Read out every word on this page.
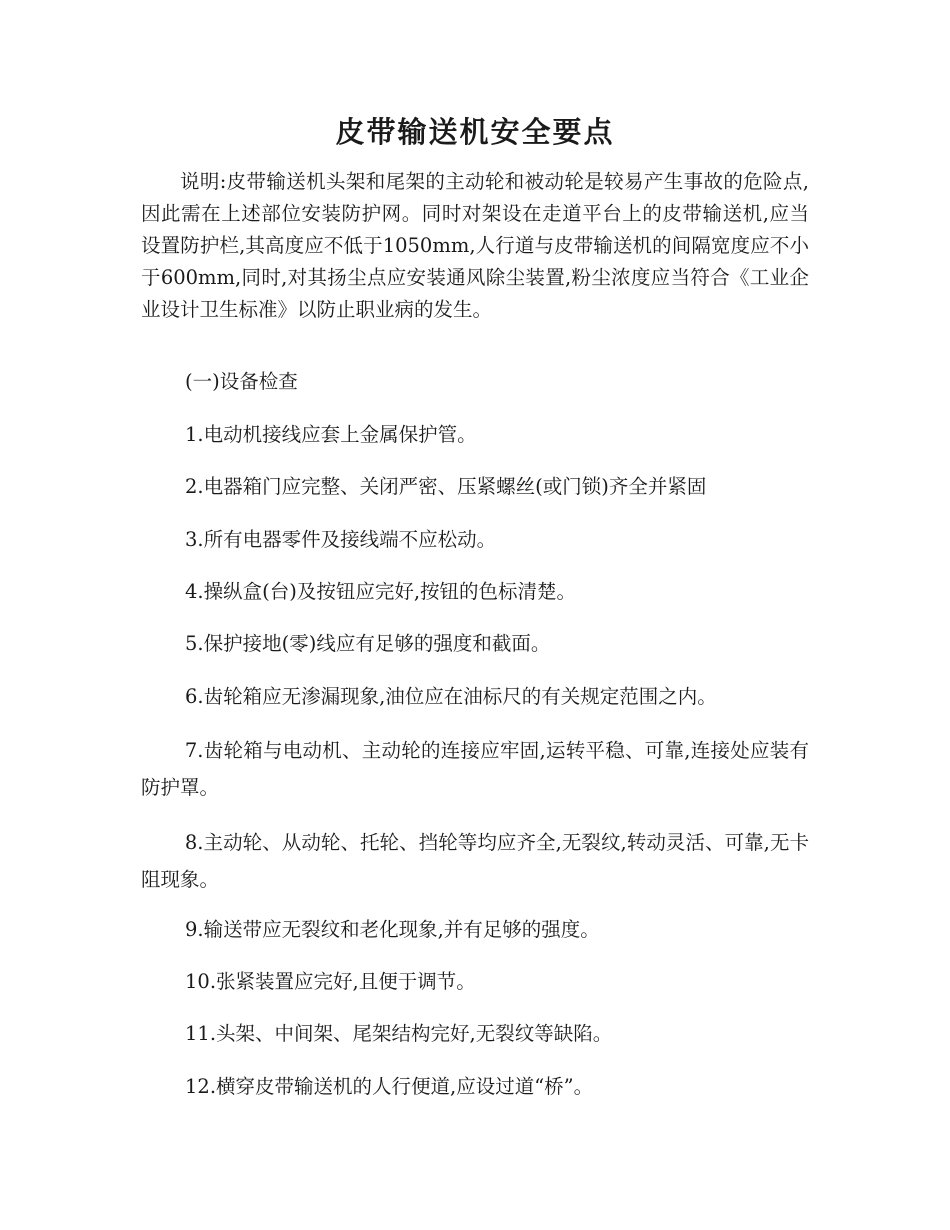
皮带输送机安全要点
说明:皮带输送机头架和尾架的主动轮和被动轮是较易产生事故的危险点,因此需在上述部位安装防护网。同时对架设在走道平台上的皮带输送机,应当设置防护栏,其高度应不低于1050mm,人行道与皮带输送机的间隔宽度应不小于600mm,同时,对其扬尘点应安装通风除尘装置,粉尘浓度应当符合《工业企业设计卫生标准》以防止职业病的发生。
(一)设备检查
1.电动机接线应套上金属保护管。
2.电器箱门应完整、关闭严密、压紧螺丝(或门锁)齐全并紧固
3.所有电器零件及接线端不应松动。
4.操纵盒(台)及按钮应完好,按钮的色标清楚。
5.保护接地(零)线应有足够的强度和截面。
6.齿轮箱应无渗漏现象,油位应在油标尺的有关规定范围之内。
7.齿轮箱与电动机、主动轮的连接应牢固,运转平稳、可靠,连接处应装有防护罩。
8.主动轮、从动轮、托轮、挡轮等均应齐全,无裂纹,转动灵活、可靠,无卡阻现象。
9.输送带应无裂纹和老化现象,并有足够的强度。
10.张紧装置应完好,且便于调节。
11.头架、中间架、尾架结构完好,无裂纹等缺陷。
12.横穿皮带输送机的人行便道,应设过道“桥”。
